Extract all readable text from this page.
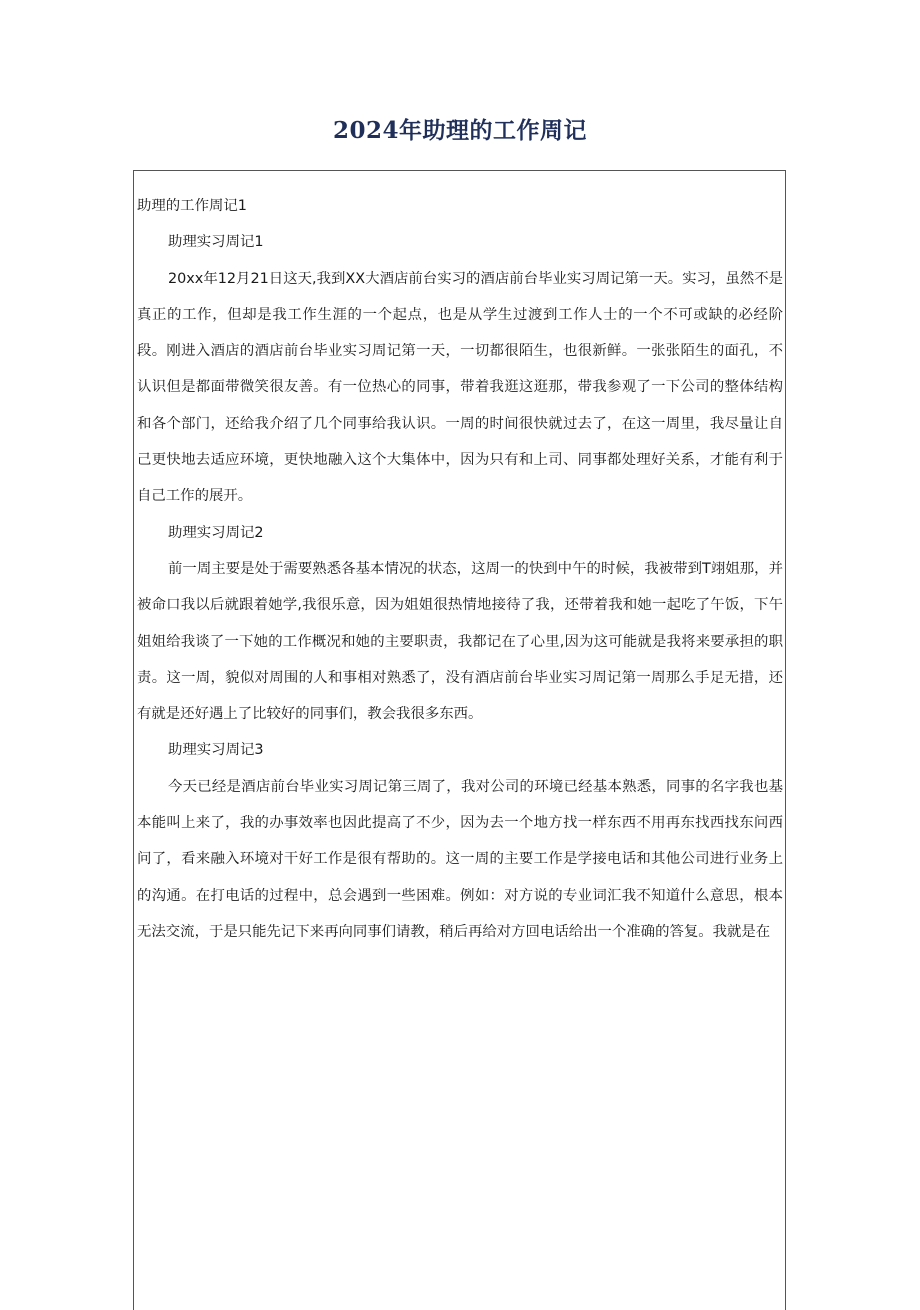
2024年助理的工作周记

助理的工作周记1

助理实习周记1

20xx年12月21日这天,我到XX大酒店前台实习的酒店前台毕业实习周记第一天。实习，虽然不是真正的工作，但却是我工作生涯的一个起点，也是从学生过渡到工作人士的一个不可或缺的必经阶段。刚进入酒店的酒店前台毕业实习周记第一天，一切都很陌生，也很新鲜。一张张陌生的面孔，不认识但是都面带微笑很友善。有一位热心的同事，带着我逛这逛那，带我参观了一下公司的整体结构和各个部门，还给我介绍了几个同事给我认识。一周的时间很快就过去了，在这一周里，我尽量让自己更快地去适应环境，更快地融入这个大集体中，因为只有和上司、同事都处理好关系，才能有利于自己工作的展开。

助理实习周记2

前一周主要是处于需要熟悉各基本情况的状态，这周一的快到中午的时候，我被带到T翊姐那，并被命口我以后就跟着她学,我很乐意，因为姐姐很热情地接待了我，还带着我和她一起吃了午饭，下午姐姐给我谈了一下她的工作概况和她的主要职责，我都记在了心里,因为这可能就是我将来要承担的职责。这一周，貌似对周围的人和事相对熟悉了，没有酒店前台毕业实习周记第一周那么手足无措，还有就是还好遇上了比较好的同事们，教会我很多东西。

助理实习周记3

今天已经是酒店前台毕业实习周记第三周了，我对公司的环境已经基本熟悉，同事的名字我也基本能叫上来了，我的办事效率也因此提高了不少，因为去一个地方找一样东西不用再东找西找东问西问了，看来融入环境对干好工作是很有帮助的。这一周的主要工作是学接电话和其他公司进行业务上的沟通。在打电话的过程中，总会遇到一些困难。例如：对方说的专业词汇我不知道什么意思，根本无法交流，于是只能先记下来再向同事们请教，稍后再给对方回电话给出一个准确的答复。我就是在
